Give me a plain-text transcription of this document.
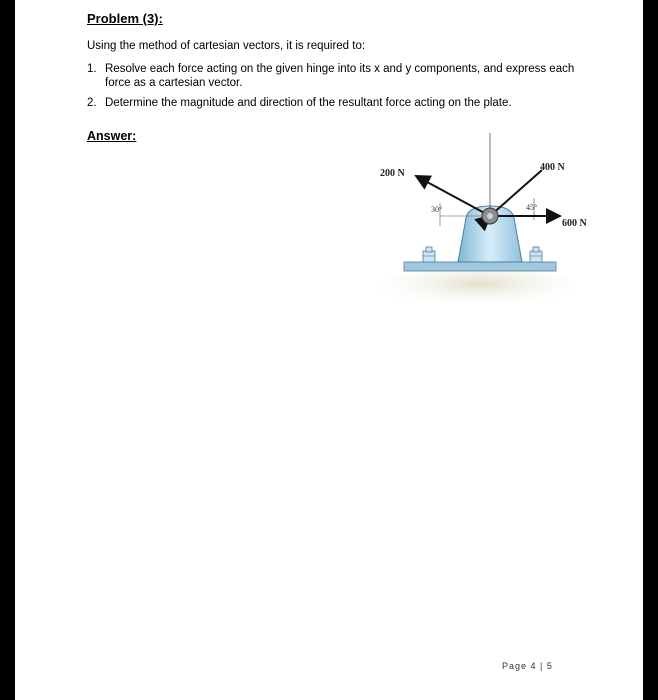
Problem (3):
Using the method of cartesian vectors, it is required to:
1. Resolve each force acting on the given hinge into its x and y components, and express each force as a cartesian vector.
2. Determine the magnitude and direction of the resultant force acting on the plate.
Answer:
200 N
400 N
600 N
30°	45°
Page 4 | 5
